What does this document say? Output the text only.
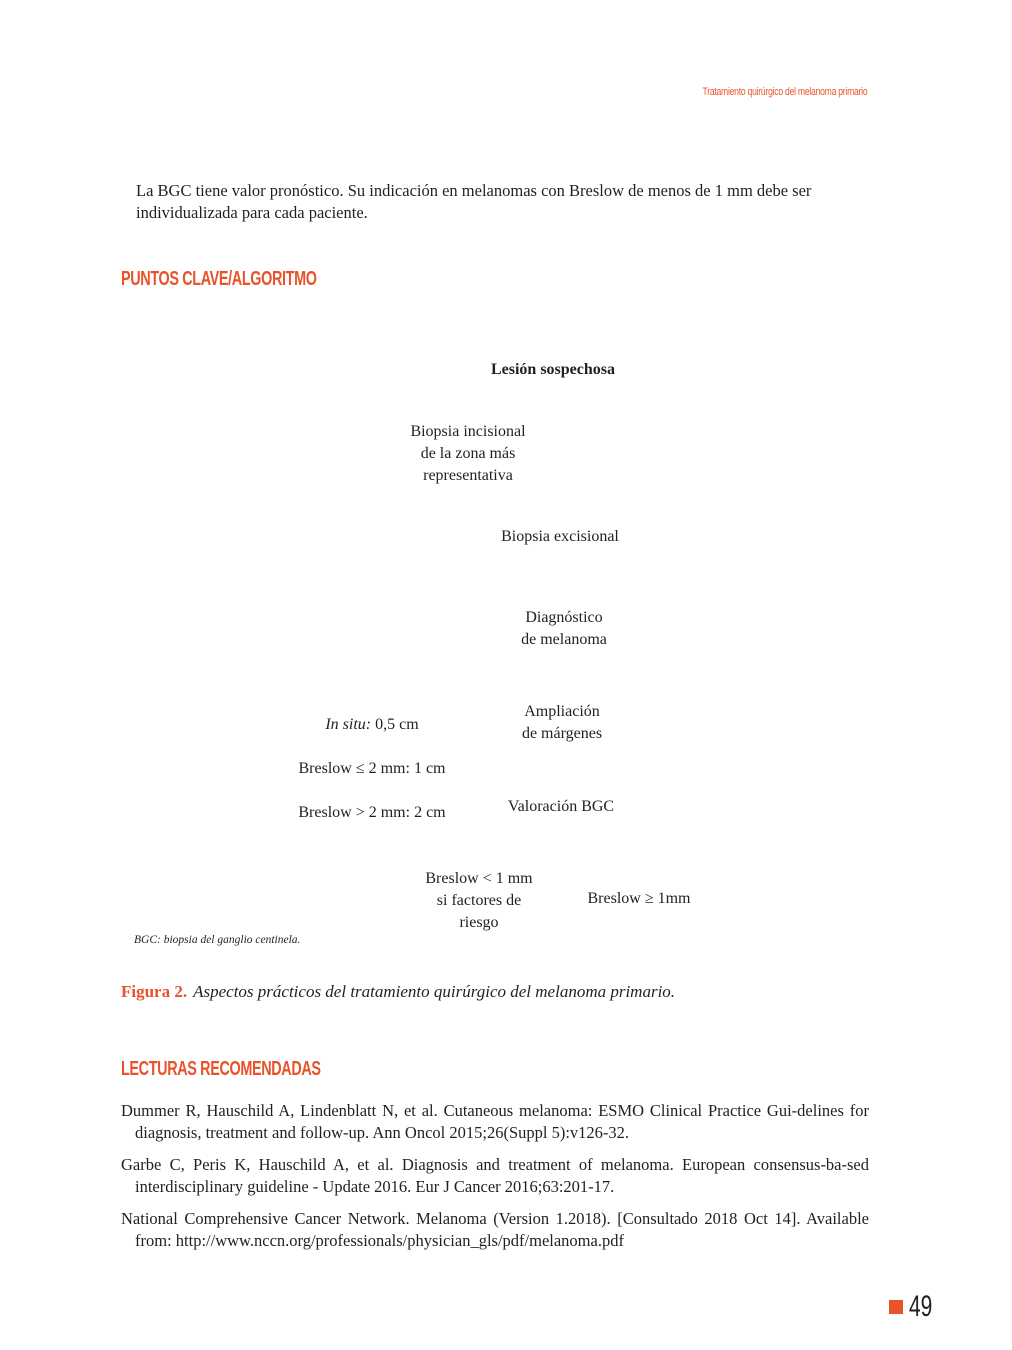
Tratamiento quirúrgico del melanoma primario

La BGC tiene valor pronóstico. Su indicación en melanomas con Breslow de menos de 1 mm debe ser individualizada para cada paciente.

PUNTOS CLAVE/ALGORITMO
Lesión sospechosa
Biopsia incisional
de la zona más
representativa
Biopsia excisional
Diagnóstico
de melanoma

In situ: 0,5 cm

Breslow ≤ 2 mm: 1 cm

Breslow > 2 mm: 2 cm

Ampliación
de márgenes
Valoración BGC
Breslow < 1 mm
si factores de
riesgo
Breslow ≥ 1mm
BGC: biopsia del ganglio centinela.
Figura 2. Aspectos prácticos del tratamiento quirúrgico del melanoma primario.
LECTURAS RECOMENDADAS
Dummer R, Hauschild A, Lindenblatt N, et al. Cutaneous melanoma: ESMO Clinical Practice Gui-delines for diagnosis, treatment and follow-up. Ann Oncol 2015;26(Suppl 5):v126-32.
Garbe C, Peris K, Hauschild A, et al. Diagnosis and treatment of melanoma. European consensus-ba-sed interdisciplinary guideline - Update 2016. Eur J Cancer 2016;63:201-17.
National Comprehensive Cancer Network. Melanoma (Version 1.2018). [Consultado 2018 Oct 14]. Available from: http://www.nccn.org/professionals/physician_gls/pdf/melanoma.pdf
49
